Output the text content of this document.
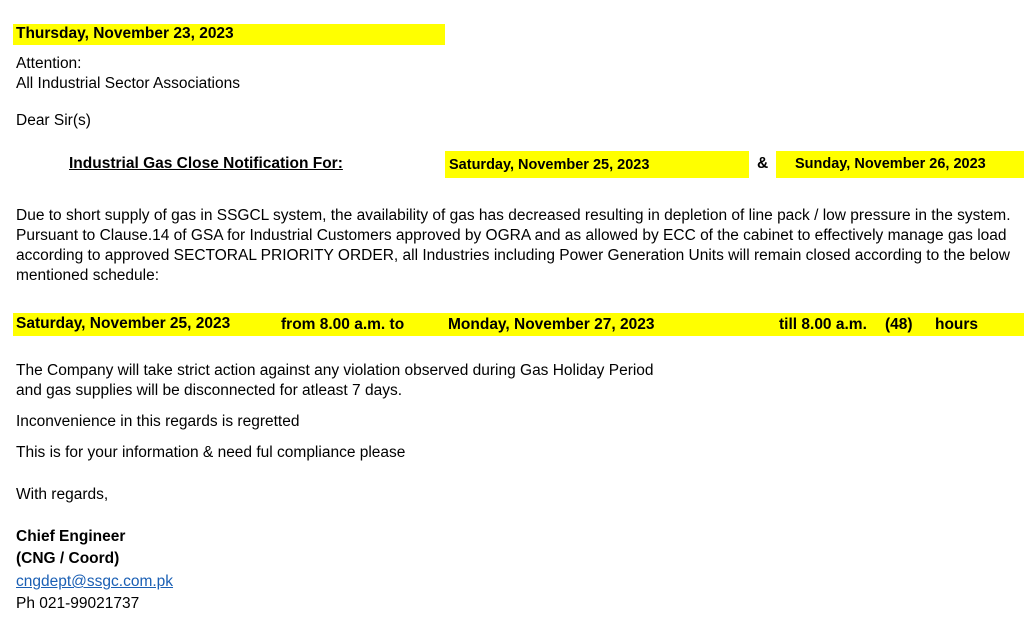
Thursday, November 23, 2023
Attention:
All Industrial Sector Associations
Dear Sir(s)
Industrial Gas Close Notification For:	Saturday, November 25, 2023	& Sunday, November 26, 2023
Due to short supply of gas in SSGCL system, the availability of gas has decreased resulting in depletion of line pack / low pressure in the system. Pursuant to Clause.14 of GSA for Industrial Customers approved by OGRA and as allowed by ECC of the cabinet to effectively manage gas load according to approved SECTORAL PRIORITY ORDER, all Industries including Power Generation Units will remain closed according to the below mentioned schedule:
Saturday, November 25, 2023	from 8.00 a.m. to	Monday, November 27, 2023	till 8.00 a.m. (48) hours
The Company will take strict action against any violation observed during Gas Holiday Period
and gas supplies will be disconnected for atleast 7 days.
Inconvenience in this regards is regretted
This is for your information & need ful compliance please
With regards,
Chief Engineer
(CNG / Coord)
cngdept@ssgc.com.pk
Ph 021-99021737
